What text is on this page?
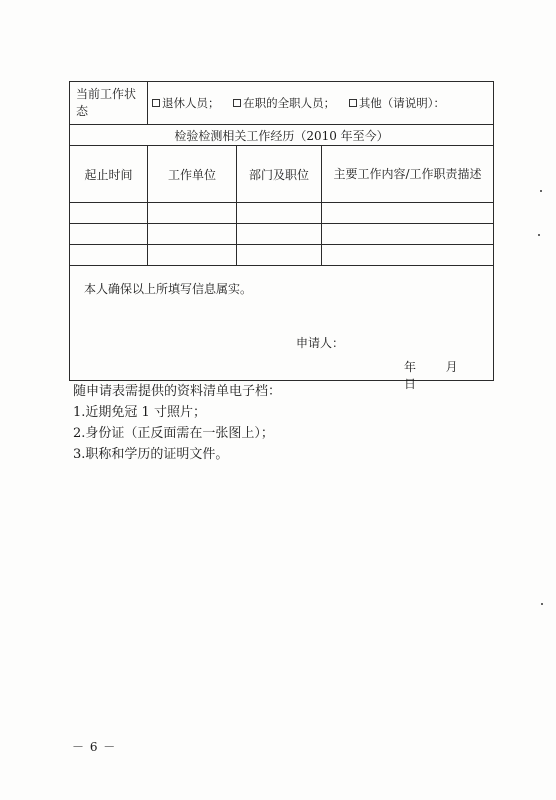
当前工作状态	退休人员； 在职的全职人员； 其他（请说明）：		
检验检测相关工作经历（2010 年至今）			
起止时间	工作单位	部门及职位	主要工作内容/工作职责描述

本人确保以上所填写信息属实。
申请人：
年 月  日			
随申请表需提供的资料清单电子档：
1.近期免冠 1 寸照片；
2.身份证（正反面需在一张图上）；
3.职称和学历的证明文件。
－ 6 －
